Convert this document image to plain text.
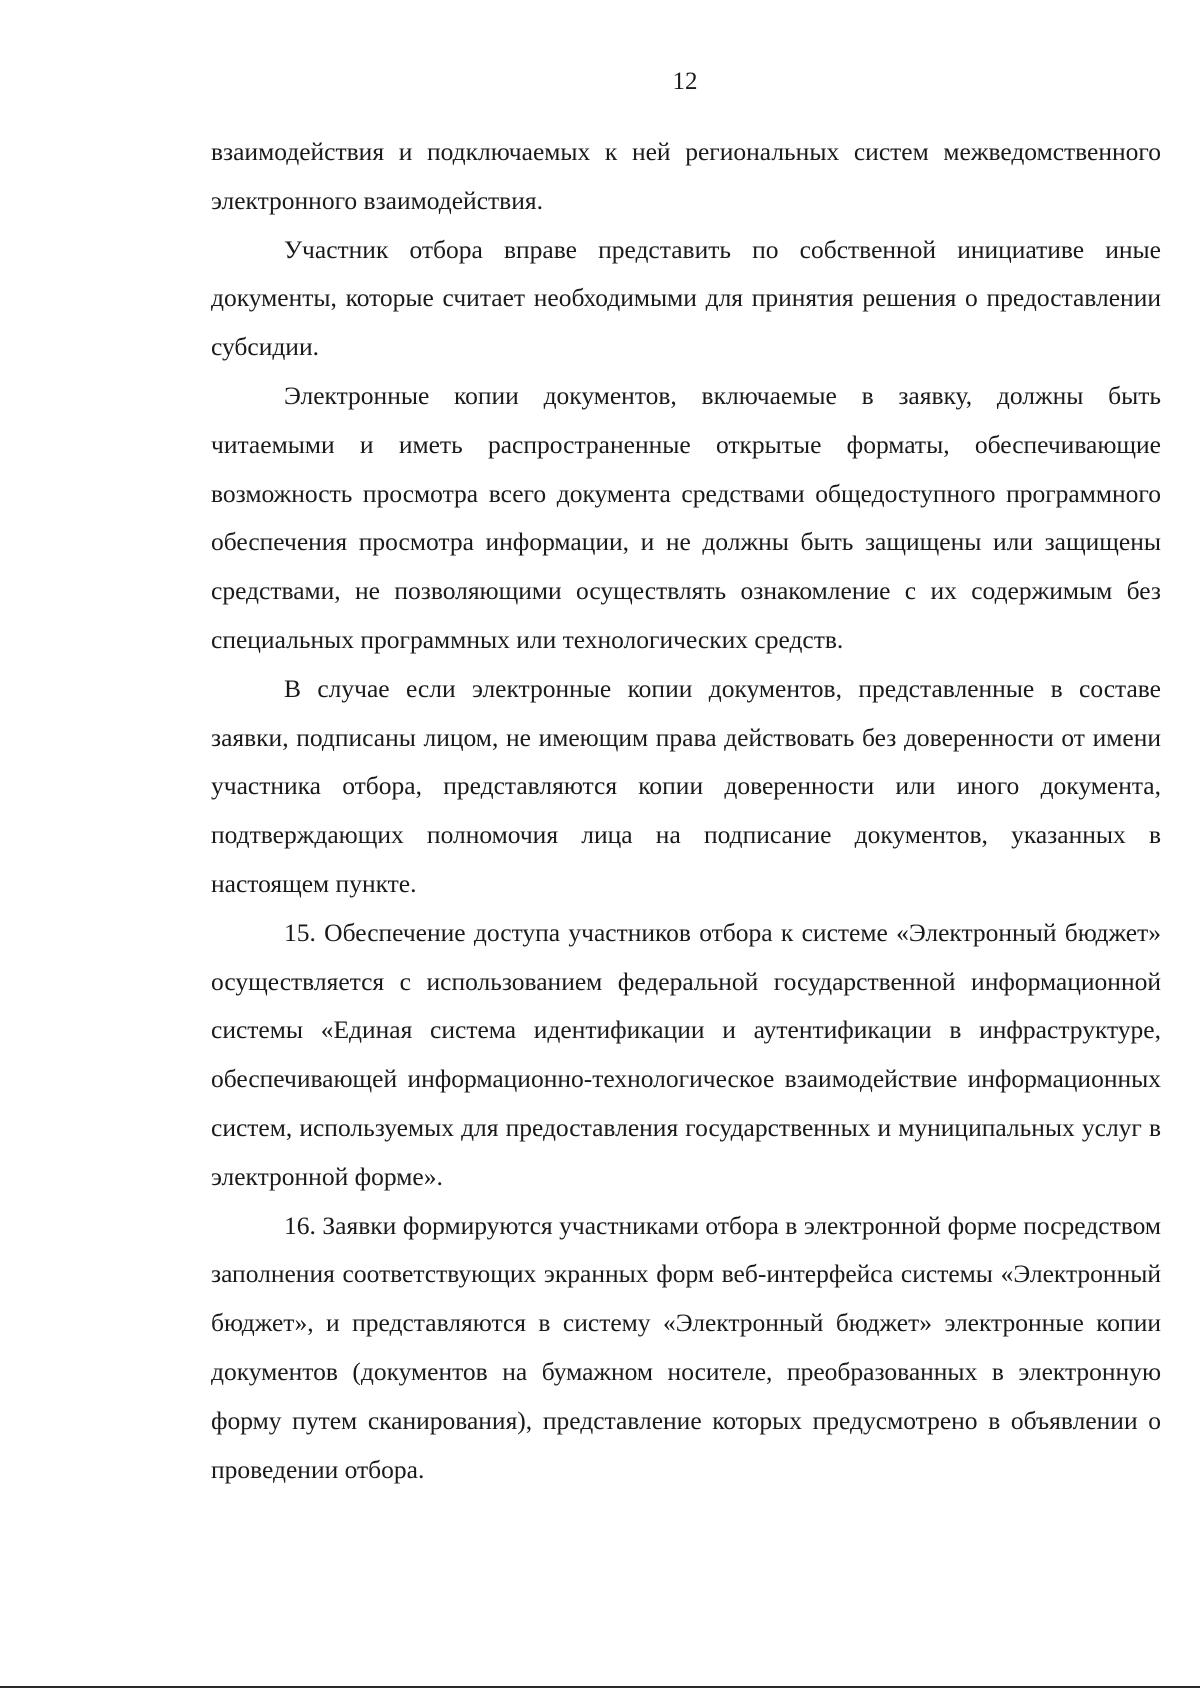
12

взаимодействия и подключаемых к ней региональных систем межведомственного электронного взаимодействия.

Участник отбора вправе представить по собственной инициативе иные документы, которые считает необходимыми для принятия решения о предоставлении субсидии.

Электронные копии документов, включаемые в заявку, должны быть читаемыми и иметь распространенные открытые форматы, обеспечивающие возможность просмотра всего документа средствами общедоступного программного обеспечения просмотра информации, и не должны быть защищены или защищены средствами, не позволяющими осуществлять ознакомление с их содержимым без специальных программных или технологических средств.

В случае если электронные копии документов, представленные в составе заявки, подписаны лицом, не имеющим права действовать без доверенности от имени участника отбора, представляются копии доверенности или иного документа, подтверждающих полномочия лица на подписание документов, указанных в настоящем пункте.

15. Обеспечение доступа участников отбора к системе «Электронный бюджет» осуществляется с использованием федеральной государственной информационной системы «Единая система идентификации и аутентификации в инфраструктуре, обеспечивающей информационно-технологическое взаимодействие информационных систем, используемых для предоставления государственных и муниципальных услуг в электронной форме».

16. Заявки формируются участниками отбора в электронной форме посредством заполнения соответствующих экранных форм веб-интерфейса системы «Электронный бюджет», и представляются в систему «Электронный бюджет» электронные копии документов (документов на бумажном носителе, преобразованных в электронную форму путем сканирования), представление которых предусмотрено в объявлении о проведении отбора.
